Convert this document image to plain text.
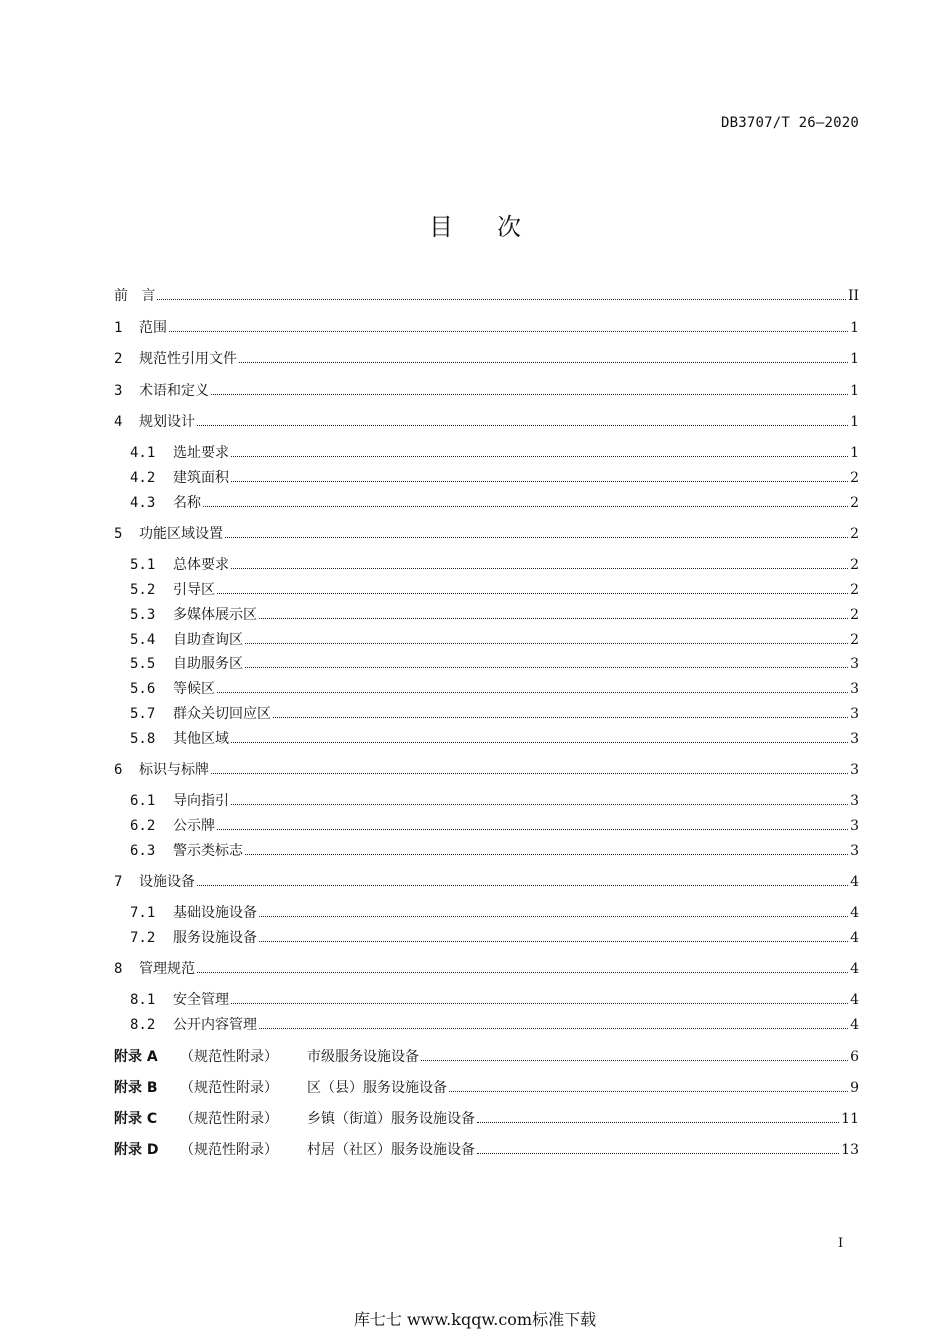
DB3707/T 26—2020
目次
前   言	II
1	范围	1
2	规范性引用文件	1
3	术语和定义	1
4	规划设计	1
4.1	选址要求	1
4.2	建筑面积	2
4.3	名称	2
5	功能区域设置	2
5.1	总体要求	2
5.2	引导区	2
5.3	多媒体展示区	2
5.4	自助查询区	2
5.5	自助服务区	3
5.6	等候区	3
5.7	群众关切回应区	3
5.8	其他区域	3
6	标识与标牌	3
6.1	导向指引	3
6.2	公示牌	3
6.3	警示类标志	3
7	设施设备	4
7.1	基础设施设备	4
7.2	服务设施设备	4
8	管理规范	4
8.1	安全管理	4
8.2	公开内容管理	4
附录 A	（规范性附录）	市级服务设施设备	6
附录 B	（规范性附录）	区（县）服务设施设备	9
附录 C	（规范性附录）	乡镇（街道）服务设施设备	11
附录 D	（规范性附录）	村居（社区）服务设施设备	13
I
库七七 www.kqqw.com标准下载
